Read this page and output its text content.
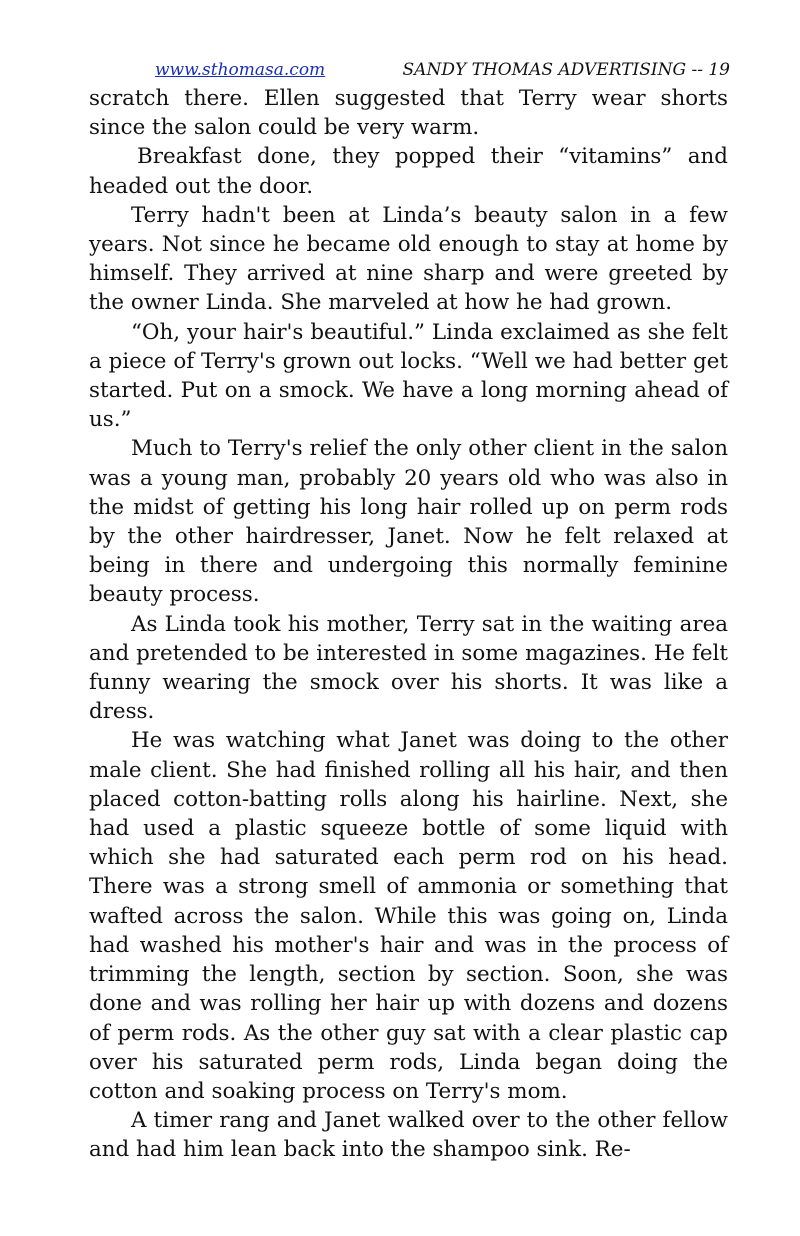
www.sthomasa.com	SANDY THOMAS ADVERTISING -- 19

scratch there. Ellen suggested that Terry wear shorts since the salon could be very warm.

Breakfast done, they popped their “vitamins” and headed out the door.

Terry hadn't been at Linda’s beauty salon in a few years. Not since he became old enough to stay at home by himself. They arrived at nine sharp and were greeted by the owner Linda. She marveled at how he had grown.

“Oh, your hair's beautiful.” Linda exclaimed as she felt a piece of Terry's grown out locks. “Well we had better get started. Put on a smock. We have a long morning ahead of us.”

Much to Terry's relief the only other client in the salon was a young man, probably 20 years old who was also in the midst of getting his long hair rolled up on perm rods by the other hairdresser, Janet. Now he felt relaxed at being in there and undergoing this normally feminine beauty process.

As Linda took his mother, Terry sat in the waiting area and pretended to be interested in some magazines. He felt funny wearing the smock over his shorts. It was like a dress.

He was watching what Janet was doing to the other male client. She had finished rolling all his hair, and then placed cotton-batting rolls along his hairline. Next, she had used a plastic squeeze bottle of some liquid with which she had saturated each perm rod on his head. There was a strong smell of ammonia or something that wafted across the salon. While this was going on, Linda had washed his mother's hair and was in the process of trimming the length, section by section. Soon, she was done and was rolling her hair up with dozens and dozens of perm rods. As the other guy sat with a clear plastic cap over his saturated perm rods, Linda began doing the cotton and soaking process on Terry's mom.

A timer rang and Janet walked over to the other fellow and had him lean back into the shampoo sink. Re-
